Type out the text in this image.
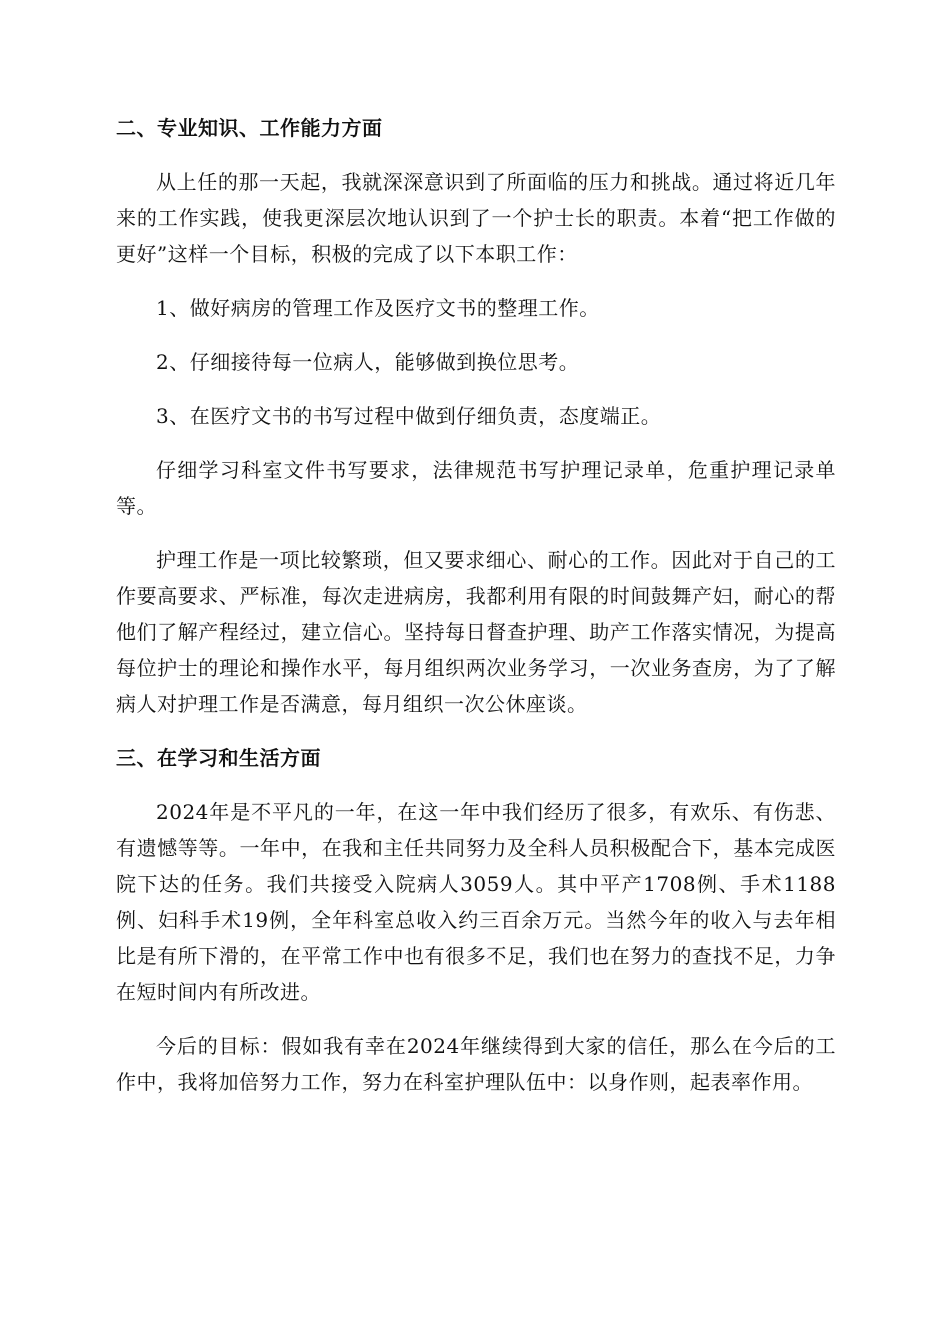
二、专业知识、工作能力方面

从上任的那一天起，我就深深意识到了所面临的压力和挑战。通过将近几年来的工作实践，使我更深层次地认识到了一个护士长的职责。本着“把工作做的更好”这样一个目标，积极的完成了以下本职工作：

1、做好病房的管理工作及医疗文书的整理工作。

2、仔细接待每一位病人，能够做到换位思考。

3、在医疗文书的书写过程中做到仔细负责，态度端正。

仔细学习科室文件书写要求，法律规范书写护理记录单，危重护理记录单等。

护理工作是一项比较繁琐，但又要求细心、耐心的工作。因此对于自己的工作要高要求、严标准，每次走进病房，我都利用有限的时间鼓舞产妇，耐心的帮他们了解产程经过，建立信心。坚持每日督查护理、助产工作落实情况，为提高每位护士的理论和操作水平，每月组织两次业务学习，一次业务查房，为了了解病人对护理工作是否满意，每月组织一次公休座谈。

三、在学习和生活方面

2024年是不平凡的一年，在这一年中我们经历了很多，有欢乐、有伤悲、有遗憾等等。一年中，在我和主任共同努力及全科人员积极配合下，基本完成医院下达的任务。我们共接受入院病人3059人。其中平产1708例、手术1188例、妇科手术19例，全年科室总收入约三百余万元。当然今年的收入与去年相比是有所下滑的，在平常工作中也有很多不足，我们也在努力的查找不足，力争在短时间内有所改进。

今后的目标：假如我有幸在2024年继续得到大家的信任，那么在今后的工作中，我将加倍努力工作，努力在科室护理队伍中：以身作则，起表率作用。
